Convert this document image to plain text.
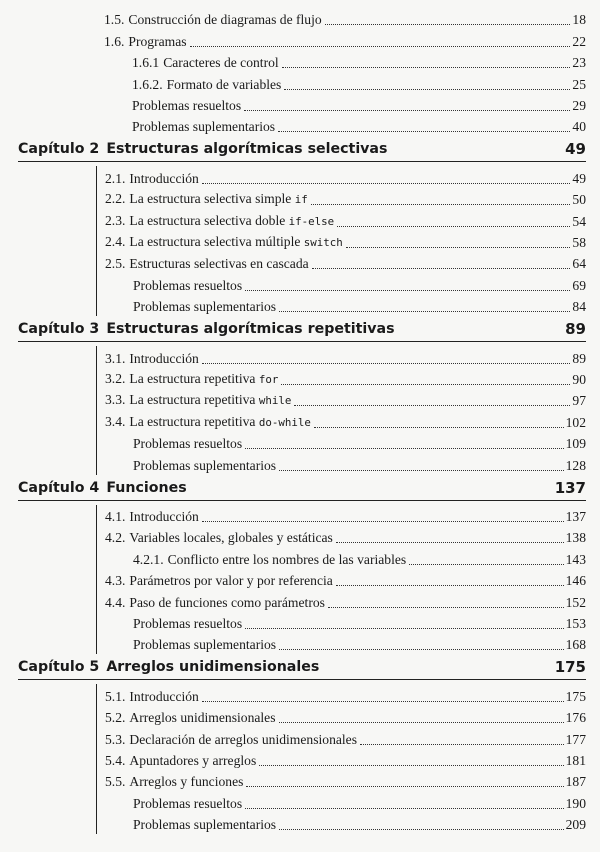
1.5. Construcción de diagramas de flujo	18
1.6. Programas	22
1.6.1 Caracteres de control	23
1.6.2. Formato de variables	25
Problemas resueltos	29
Problemas suplementarios	40
Capítulo 2 Estructuras algorítmicas selectivas	49
2.1. Introducción	49
2.2. La estructura selectiva simple if	50
2.3. La estructura selectiva doble if-else	54
2.4. La estructura selectiva múltiple switch	58
2.5. Estructuras selectivas en cascada	64
Problemas resueltos	69
Problemas suplementarios	84
Capítulo 3 Estructuras algorítmicas repetitivas	89
3.1. Introducción	89
3.2. La estructura repetitiva for	90
3.3. La estructura repetitiva while	97
3.4. La estructura repetitiva do-while	102
Problemas resueltos	109
Problemas suplementarios	128
Capítulo 4 Funciones	137
4.1. Introducción	137
4.2. Variables locales, globales y estáticas	138
4.2.1. Conflicto entre los nombres de las variables	143
4.3. Parámetros por valor y por referencia	146
4.4. Paso de funciones como parámetros	152
Problemas resueltos	153
Problemas suplementarios	168
Capítulo 5 Arreglos unidimensionales	175
5.1. Introducción	175
5.2. Arreglos unidimensionales	176
5.3. Declaración de arreglos unidimensionales	177
5.4. Apuntadores y arreglos	181
5.5. Arreglos y funciones	187
Problemas resueltos	190
Problemas suplementarios	209
